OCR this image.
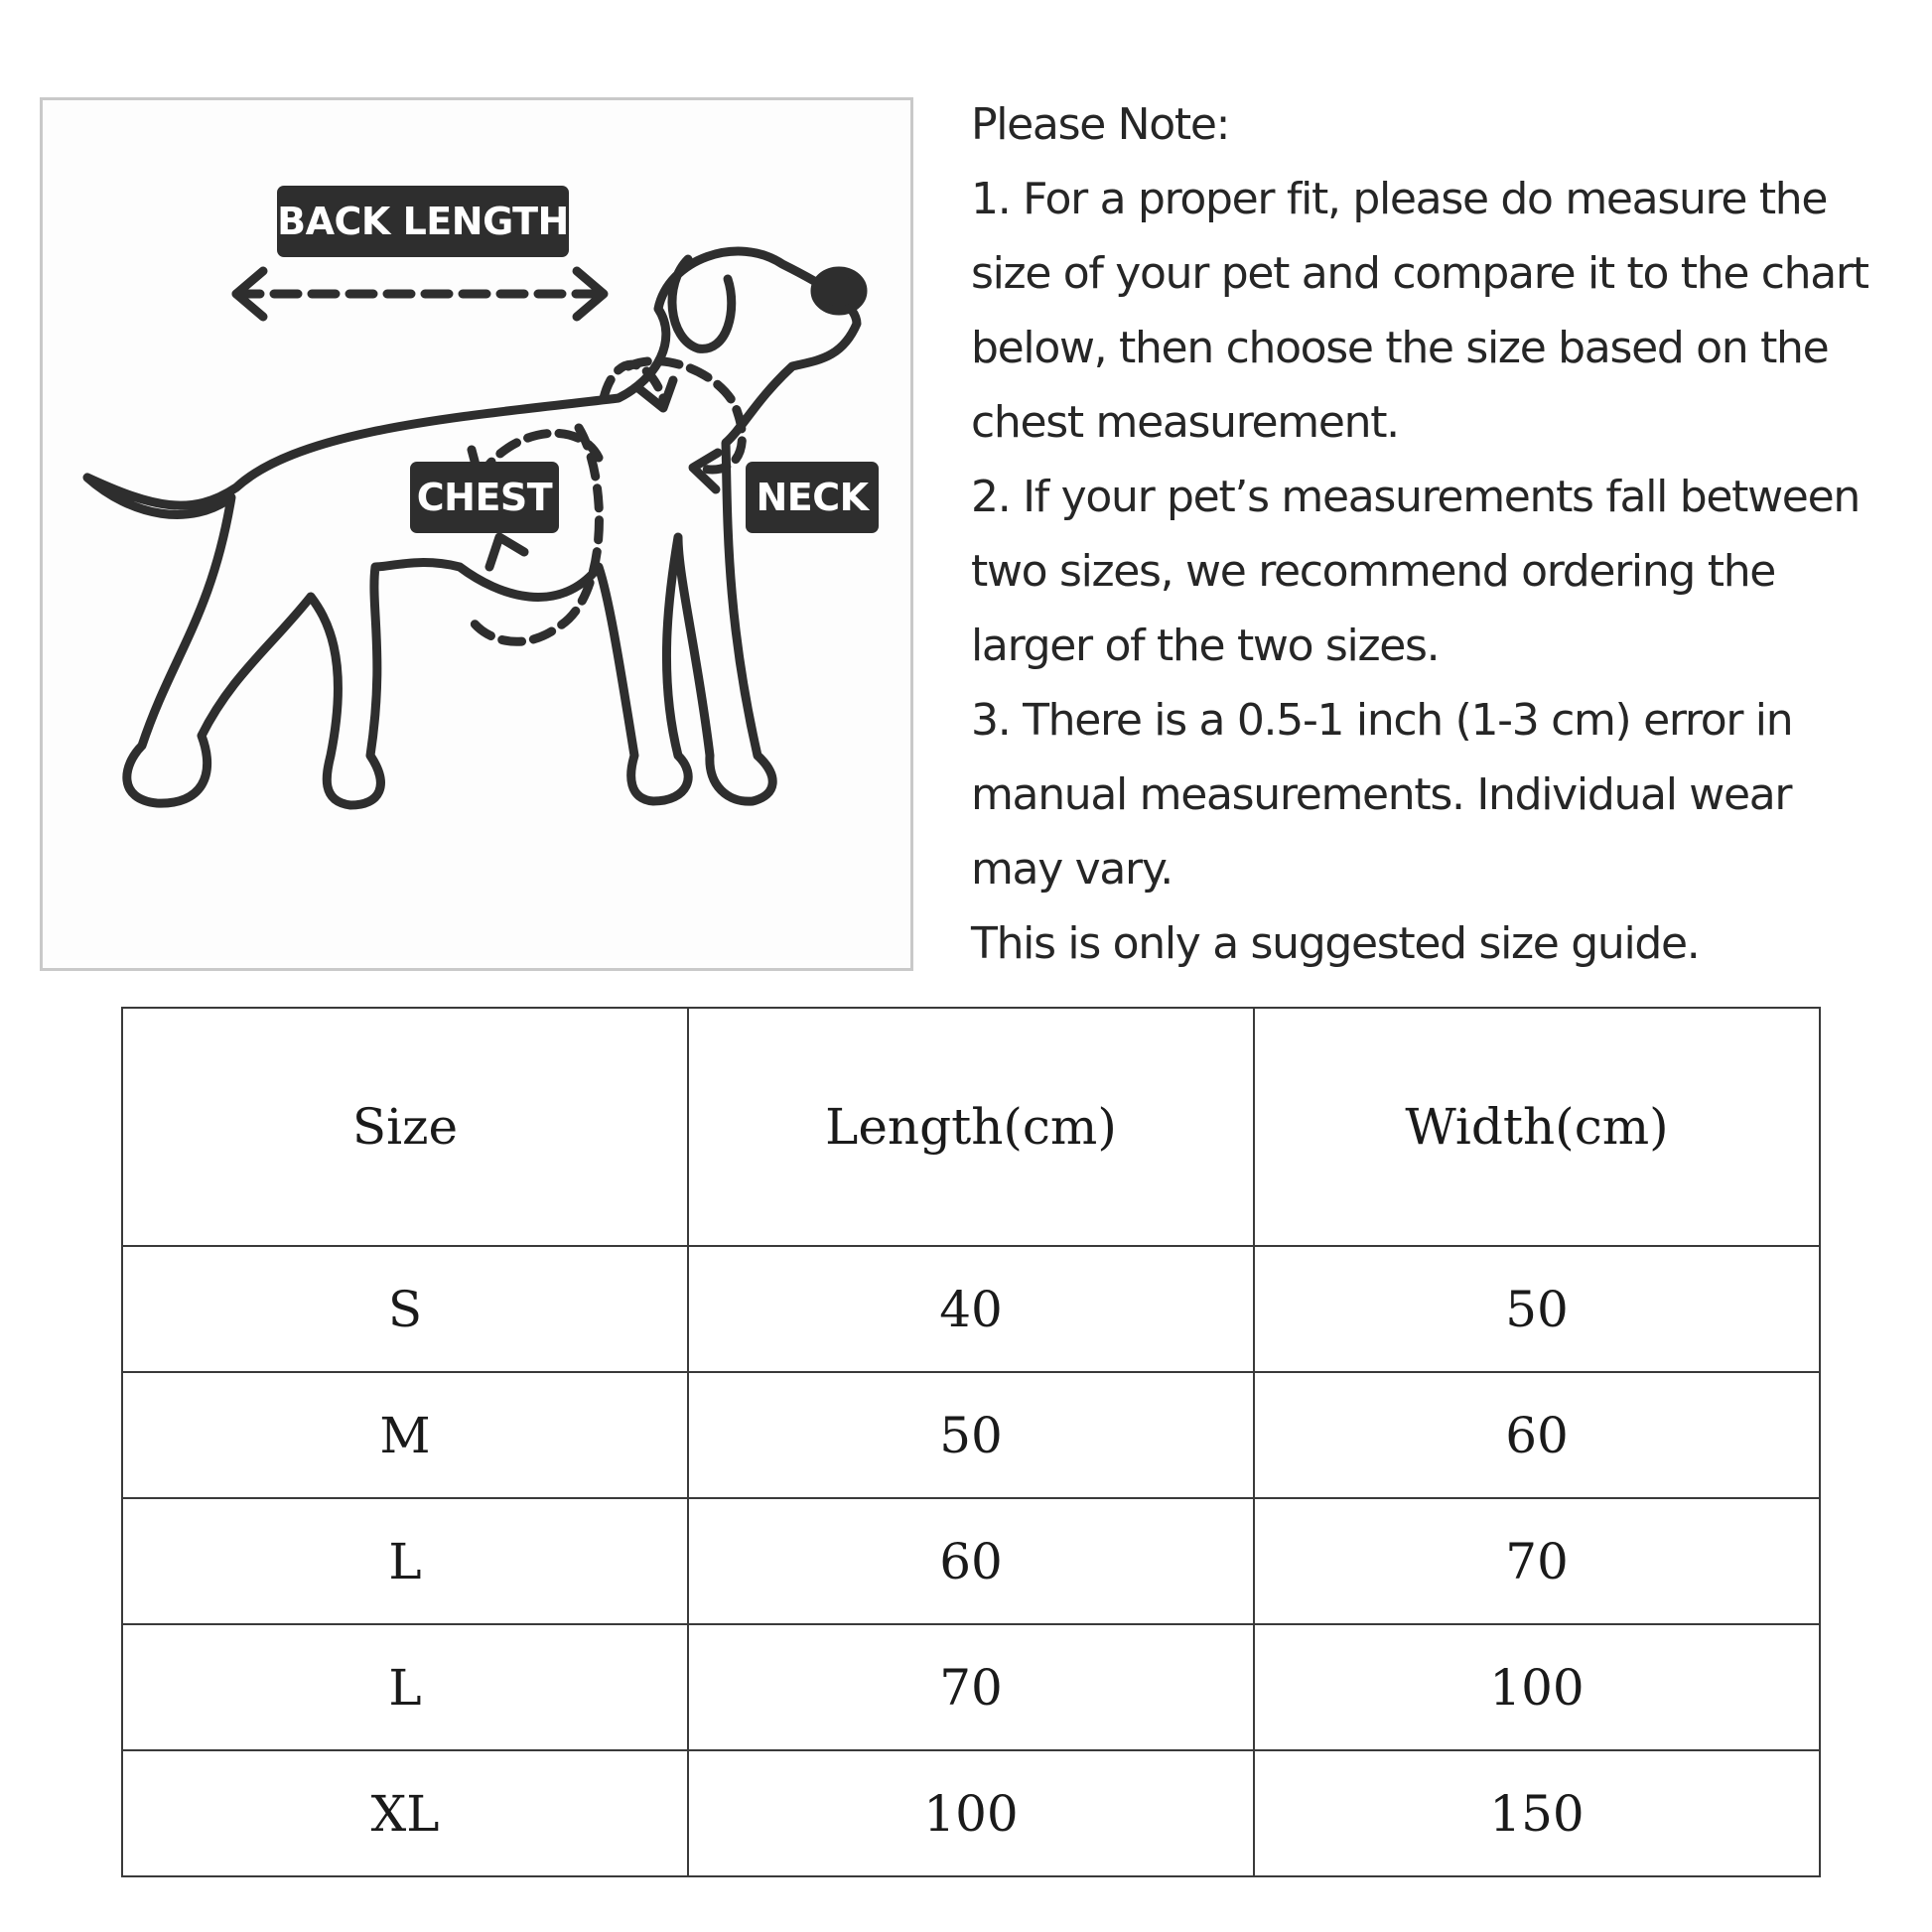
BACK LENGTH
CHEST	NECK
Please Note:
1. For a proper fit, please do measure the
size of your pet and compare it to the chart
below, then choose the size based on the
chest measurement.
2. If your pet’s measurements fall between
two sizes, we recommend ordering the
larger of the two sizes.
3. There is a 0.5-1 inch (1-3 cm) error in
manual measurements. Individual wear
may vary.
This is only a suggested size guide.
Size	Length(cm)	Width(cm)
S	40	50
M	50	60
L	60	70
L	70	100
XL	100	150
